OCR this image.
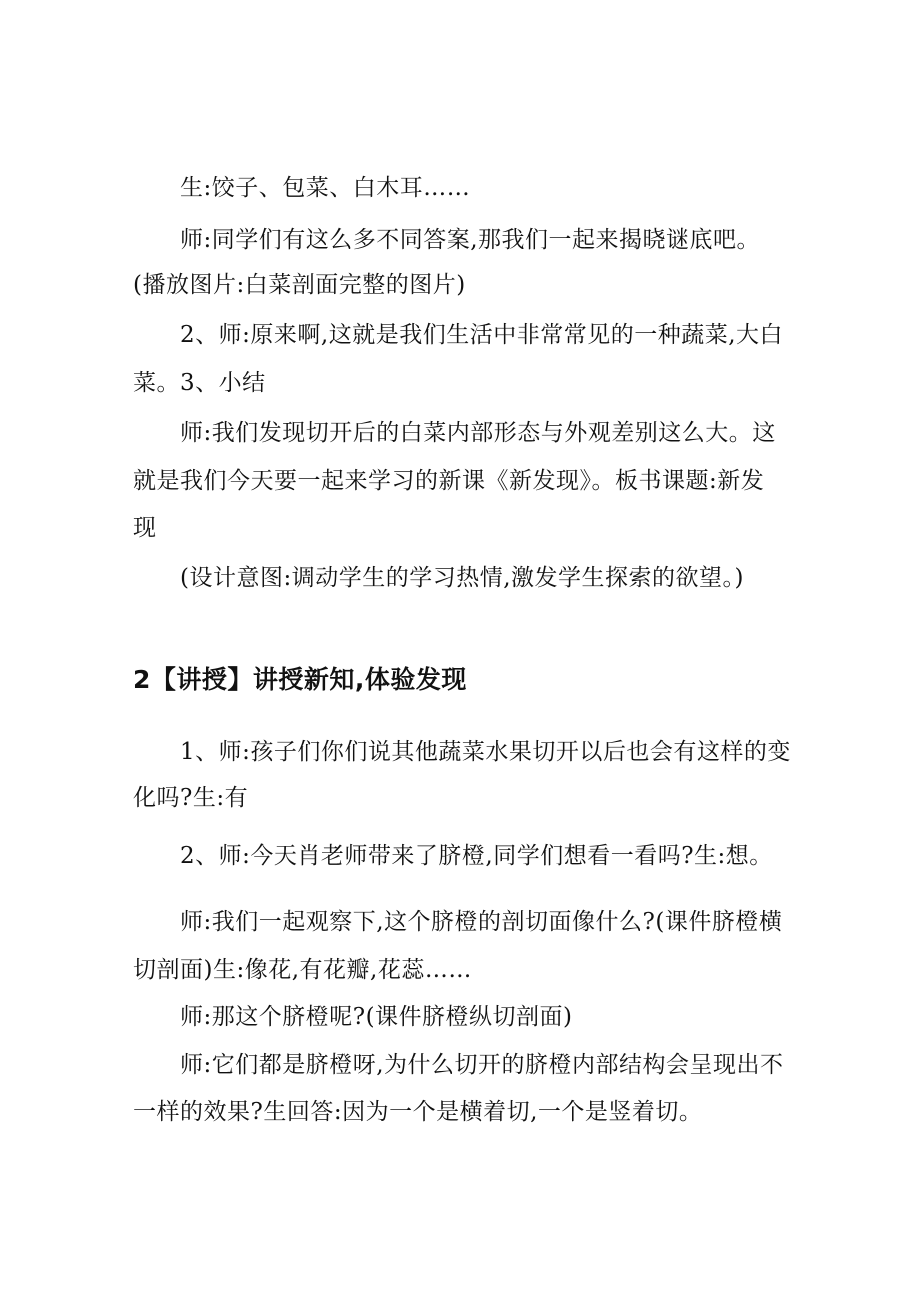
生:饺子、包菜、白木耳……
师:同学们有这么多不同答案,那我们一起来揭晓谜底吧。
(播放图片:白菜剖面完整的图片)
2、师:原来啊,这就是我们生活中非常常见的一种蔬菜,大白
菜。3、小结
师:我们发现切开后的白菜内部形态与外观差别这么大。这
就是我们今天要一起来学习的新课《新发现》。板书课题:新发
现
(设计意图:调动学生的学习热情,激发学生探索的欲望。)
2【讲授】讲授新知,体验发现
1、师:孩子们你们说其他蔬菜水果切开以后也会有这样的变
化吗?生:有
2、师:今天肖老师带来了脐橙,同学们想看一看吗?生:想。
师:我们一起观察下,这个脐橙的剖切面像什么?(课件脐橙横
切剖面)生:像花,有花瓣,花蕊……
师:那这个脐橙呢?(课件脐橙纵切剖面)
师:它们都是脐橙呀,为什么切开的脐橙内部结构会呈现出不
一样的效果?生回答:因为一个是横着切,一个是竖着切。
